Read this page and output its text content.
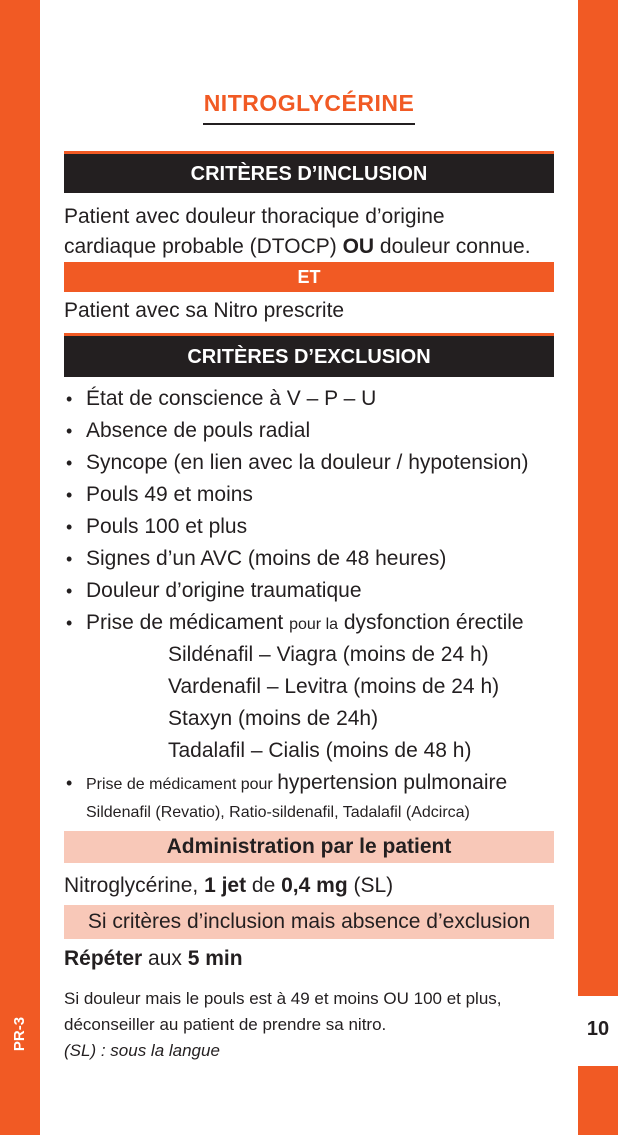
PR-3	10
NITROGLYCÉRINE
CRITÈRES D’INCLUSION
Patient avec douleur thoracique d’origine
cardiaque probable (DTOCP) OU douleur connue.
ET
Patient avec sa Nitro prescrite
CRITÈRES D’EXCLUSION
• État de conscience à V – P – U
• Absence de pouls radial
• Syncope (en lien avec la douleur / hypotension)
• Pouls 49 et moins
• Pouls 100 et plus
• Signes d’un AVC (moins de 48 heures)
• Douleur d’origine traumatique
• Prise de médicament pour la dysfonction érectile
Sildénafil – Viagra (moins de 24 h)
Vardenafil – Levitra (moins de 24 h)
Staxyn (moins de 24h)
Tadalafil – Cialis (moins de 48 h)
• Prise de médicament pour hypertension pulmonaire
Sildenafil (Revatio), Ratio-sildenafil, Tadalafil (Adcirca)
Administration par le patient
Nitroglycérine, 1 jet de 0,4 mg (SL)
Si critères d’inclusion mais absence d’exclusion
Répéter aux 5 min
Si douleur mais le pouls est à 49 et moins OU 100 et plus,
déconseiller au patient de prendre sa nitro.
(SL) : sous la langue
